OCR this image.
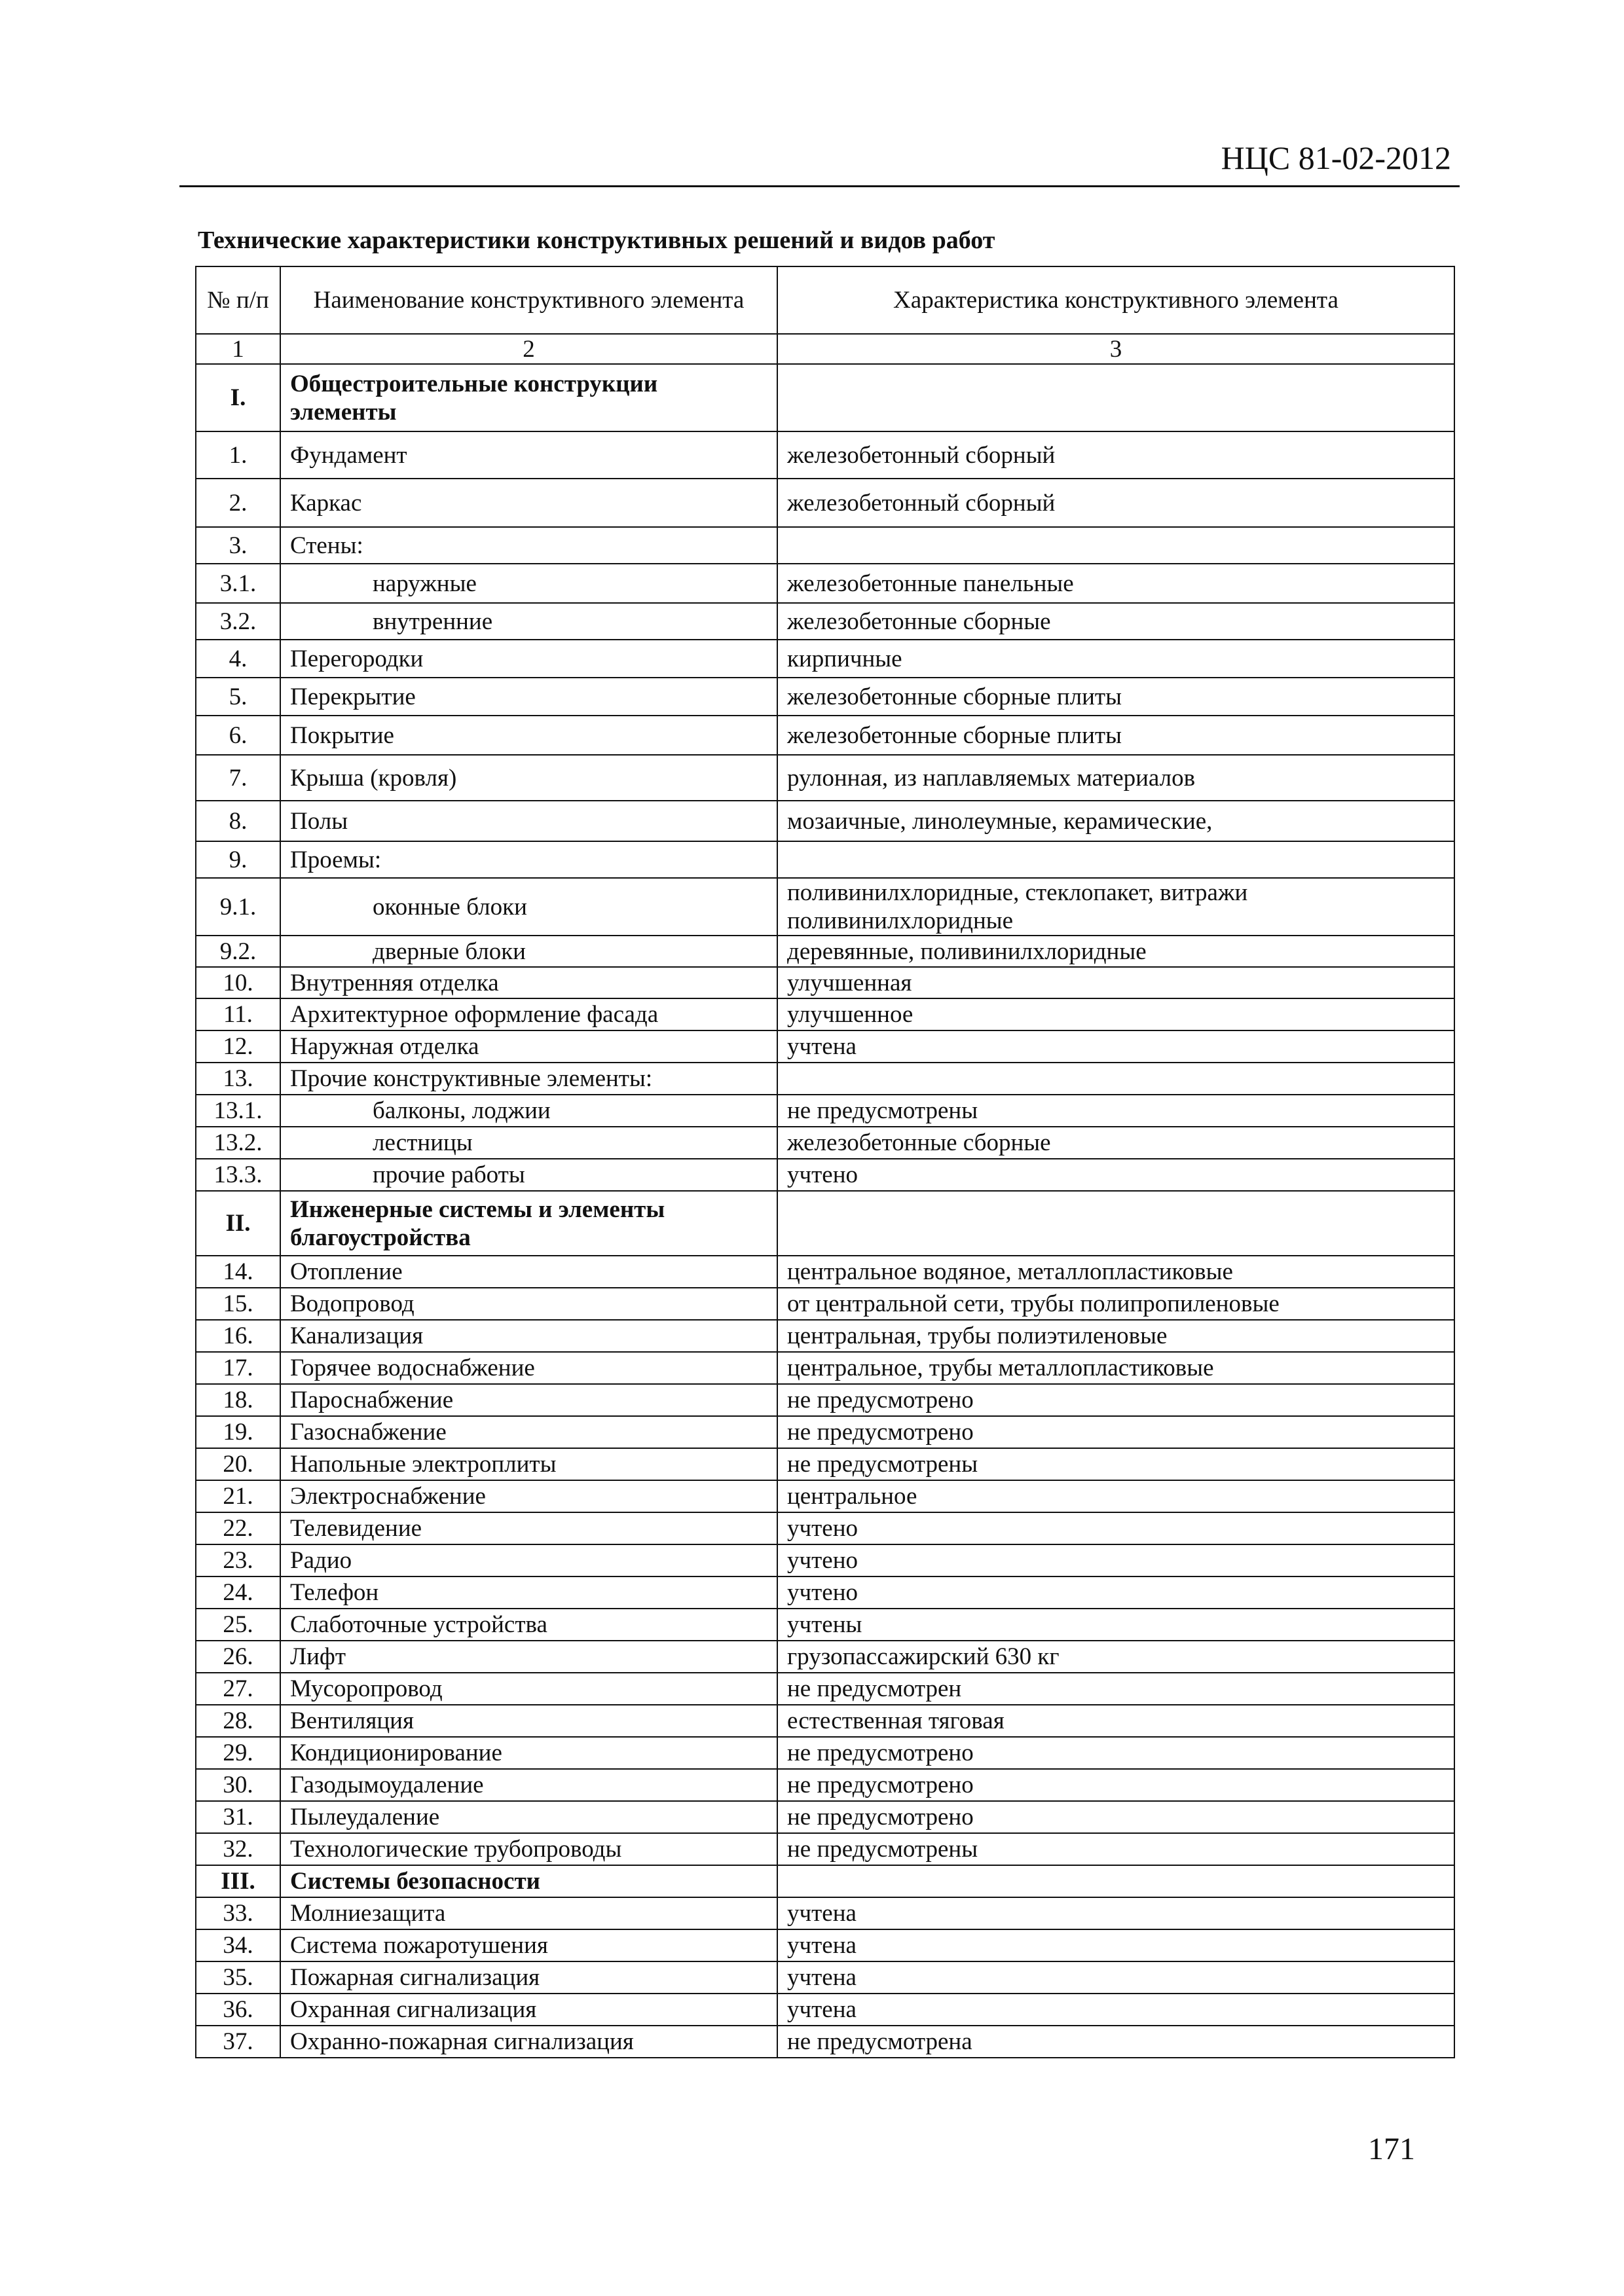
НЦС 81-02-2012
Технические характеристики конструктивных решений и видов работ
№ п/п	Наименование конструктивного элемента	Характеристика конструктивного элемента
1	2	3
I.	Общестроительные конструкции элементы	
1.	Фундамент	железобетонный сборный
2.	Каркас	железобетонный сборный
3.	Стены:	
3.1.	наружные	железобетонные панельные
3.2.	внутренние	железобетонные сборные
4.	Перегородки	кирпичные
5.	Перекрытие	железобетонные сборные плиты
6.	Покрытие	железобетонные сборные плиты
7.	Крыша (кровля)	рулонная, из наплавляемых материалов
8.	Полы	мозаичные, линолеумные, керамические,
9.	Проемы:	
9.1.	оконные блоки	поливинилхлоридные, стеклопакет, витражи поливинилхлоридные
9.2.	дверные блоки	деревянные, поливинилхлоридные
10.	Внутренняя отделка	улучшенная
11.	Архитектурное оформление фасада	улучшенное
12.	Наружная отделка	учтена
13.	Прочие конструктивные элементы:	
13.1.	балконы, лоджии	не предусмотрены
13.2.	лестницы	железобетонные сборные
13.3.	прочие работы	учтено
II.	Инженерные системы и элементы благоустройства	
14.	Отопление	центральное водяное, металлопластиковые
15.	Водопровод	от центральной сети, трубы полипропиленовые
16.	Канализация	центральная, трубы полиэтиленовые
17.	Горячее водоснабжение	центральное, трубы металлопластиковые
18.	Пароснабжение	не предусмотрено
19.	Газоснабжение	не предусмотрено
20.	Напольные электроплиты	не предусмотрены
21.	Электроснабжение	центральное
22.	Телевидение	учтено
23.	Радио	учтено
24.	Телефон	учтено
25.	Слаботочные устройства	учтены
26.	Лифт	грузопассажирский 630 кг
27.	Мусоропровод	не предусмотрен
28.	Вентиляция	естественная тяговая
29.	Кондиционирование	не предусмотрено
30.	Газодымоудаление	не предусмотрено
31.	Пылеудаление	не предусмотрено
32.	Технологические трубопроводы	не предусмотрены
III.	Системы безопасности	
33.	Молниезащита	учтена
34.	Система пожаротушения	учтена
35.	Пожарная сигнализация	учтена
36.	Охранная сигнализация	учтена
37.	Охранно-пожарная сигнализация	не предусмотрена
171
